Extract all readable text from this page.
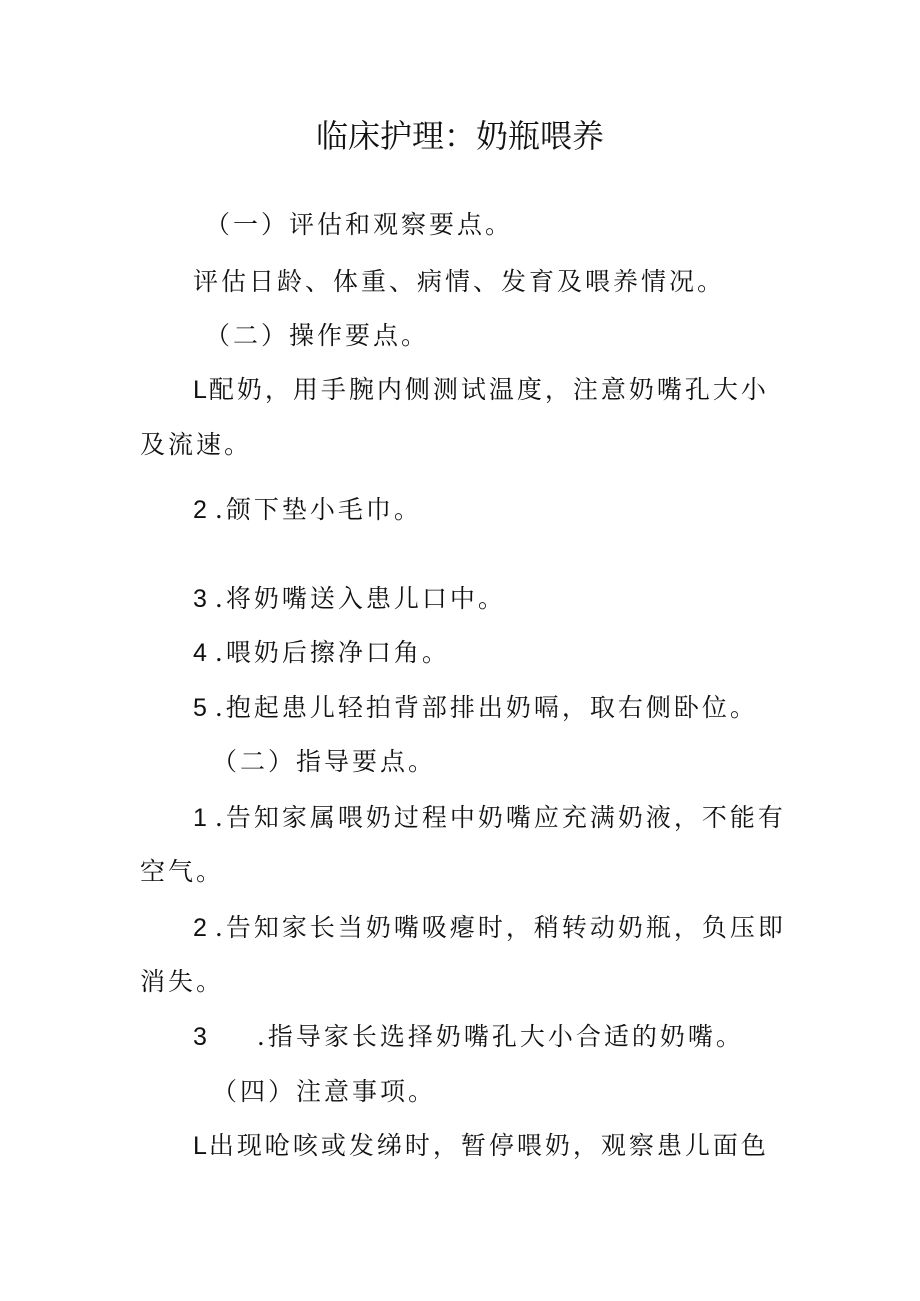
临床护理：奶瓶喂养
（一）评估和观察要点。
评估日龄、体重、病情、发育及喂养情况。
（二）操作要点。
L配奶，用手腕内侧测试温度，注意奶嘴孔大小
及流速。
2 .颌下垫小毛巾。
3 .将奶嘴送入患儿口中。
4 .喂奶后擦净口角。
5 .抱起患儿轻拍背部排出奶嗝，取右侧卧位。
（二）指导要点。
1 .告知家属喂奶过程中奶嘴应充满奶液，不能有
空气。
2 .告知家长当奶嘴吸瘪时，稍转动奶瓶，负压即
消失。
3 .指导家长选择奶嘴孔大小合适的奶嘴。
（四）注意事项。
L出现呛咳或发绨时，暂停喂奶，观察患儿面色
